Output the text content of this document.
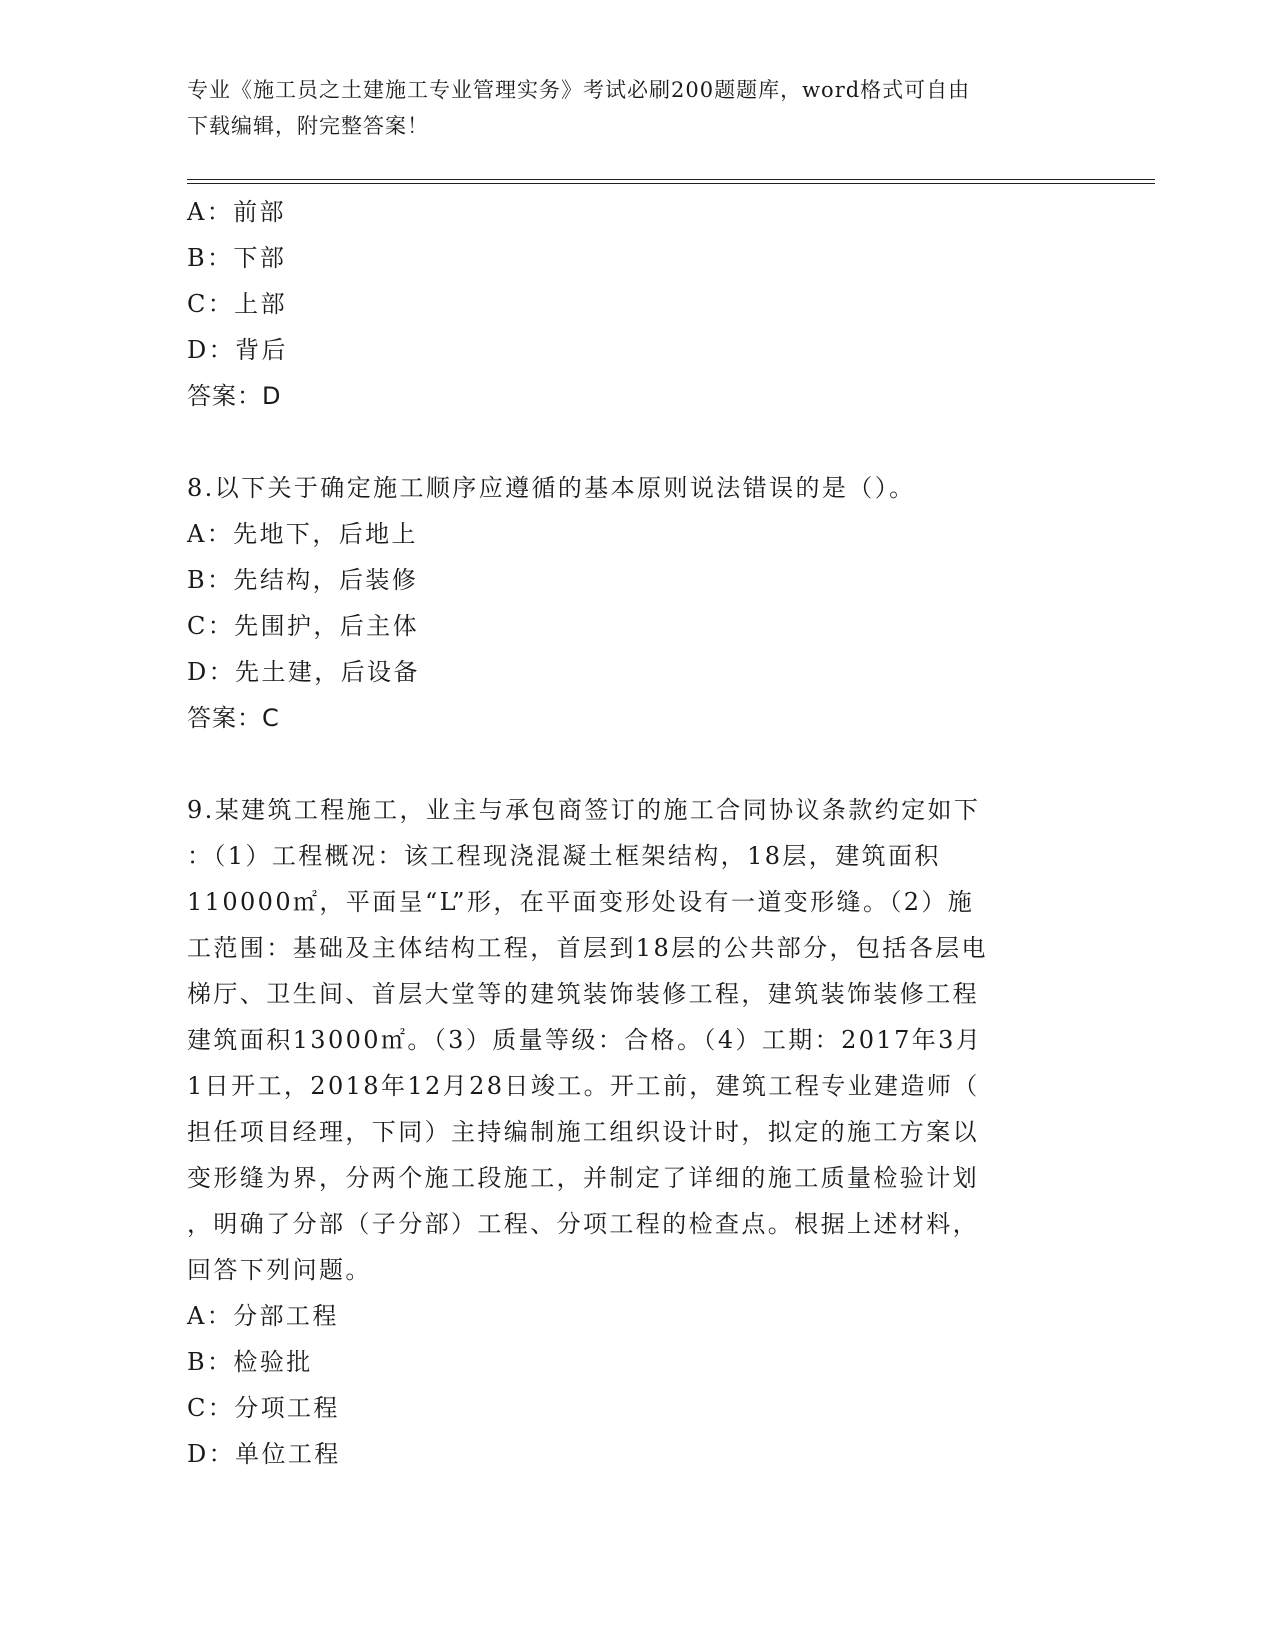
专业《施工员之土建施工专业管理实务》考试必刷200题题库，word格式可自由
下载编辑，附完整答案！
A：前部
B：下部
C：上部
D：背后
答案：D
8.以下关于确定施工顺序应遵循的基本原则说法错误的是（）。
A：先地下，后地上
B：先结构，后装修
C：先围护，后主体
D：先土建，后设备
答案：C
9.某建筑工程施工，业主与承包商签订的施工合同协议条款约定如下
：（1）工程概况：该工程现浇混凝土框架结构，18层，建筑面积
110000㎡，平面呈“L”形，在平面变形处设有一道变形缝。（2）施
工范围：基础及主体结构工程，首层到18层的公共部分，包括各层电
梯厅、卫生间、首层大堂等的建筑装饰装修工程，建筑装饰装修工程
建筑面积13000㎡。（3）质量等级：合格。（4）工期：2017年3月
1日开工，2018年12月28日竣工。开工前，建筑工程专业建造师（
担任项目经理，下同）主持编制施工组织设计时，拟定的施工方案以
变形缝为界，分两个施工段施工，并制定了详细的施工质量检验计划
，明确了分部（子分部）工程、分项工程的检查点。根据上述材料，
回答下列问题。
A：分部工程
B：检验批
C：分项工程
D：单位工程
